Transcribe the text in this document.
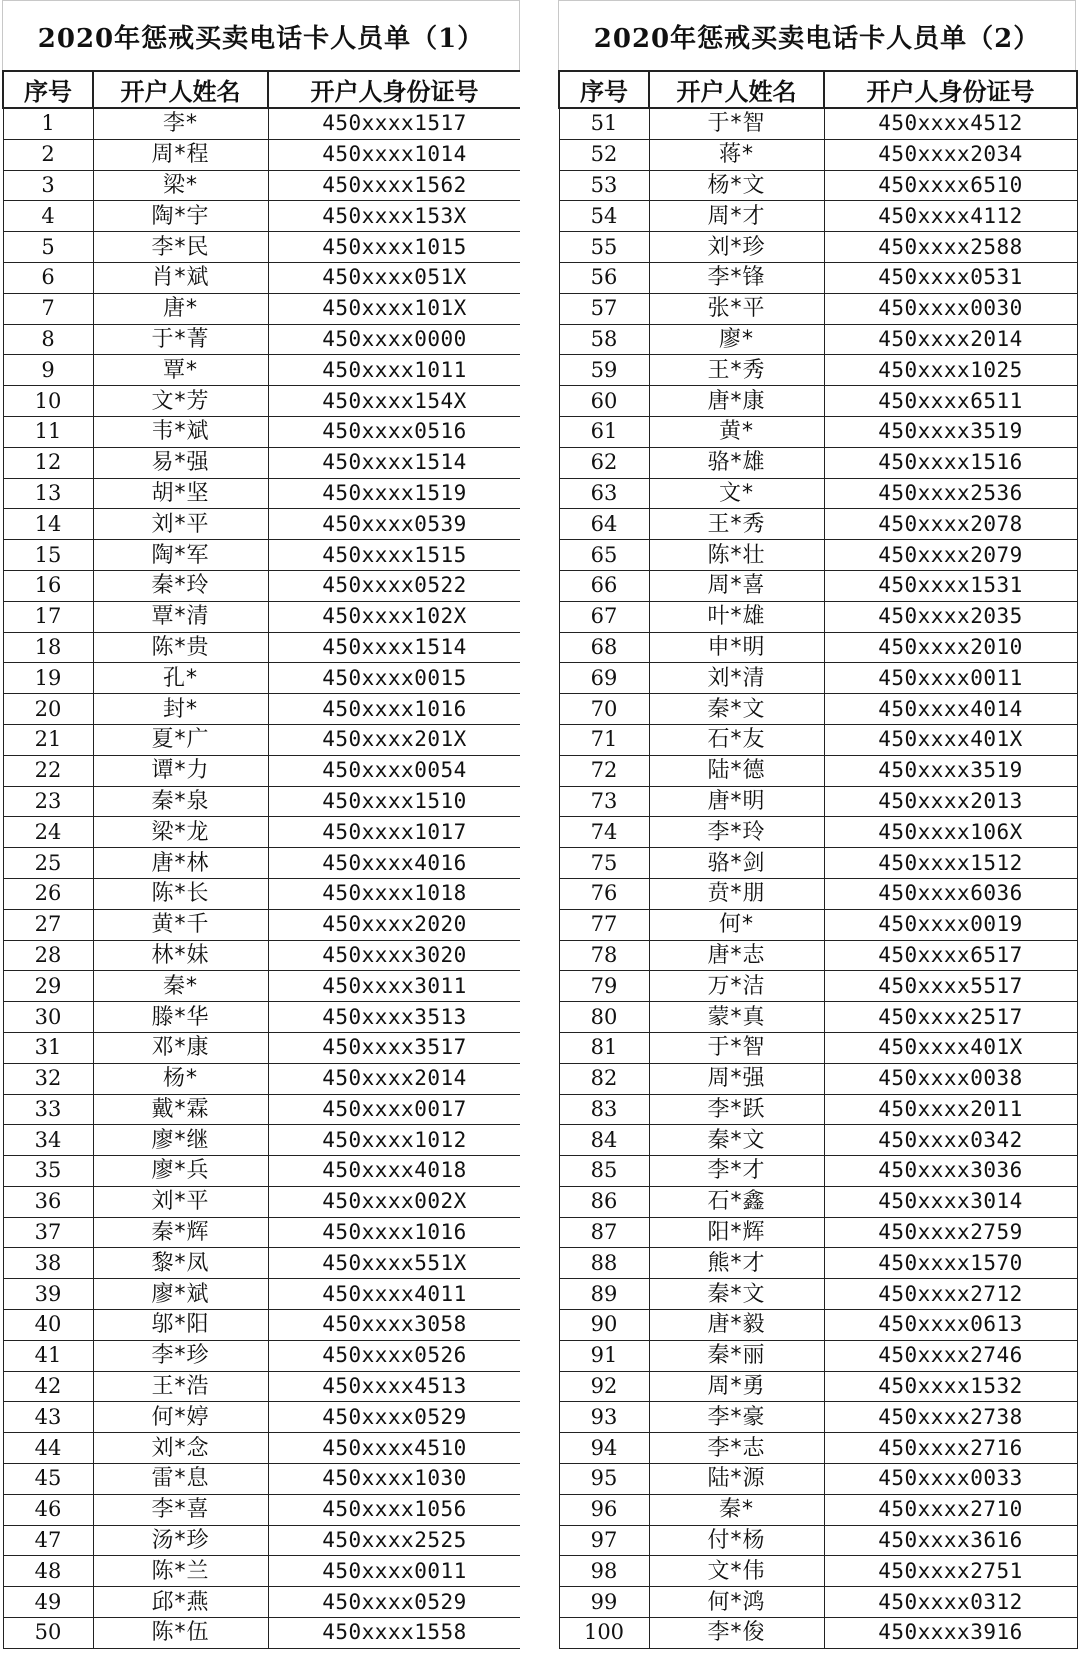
2020年惩戒买卖电话卡人员单（1）
序号	开户人姓名	开户人身份证号
1	李*	450xxxx1517
2	周*程	450xxxx1014
3	梁*	450xxxx1562
4	陶*宇	450xxxx153X
5	李*民	450xxxx1015
6	肖*斌	450xxxx051X
7	唐*	450xxxx101X
8	于*菁	450xxxx0000
9	覃*	450xxxx1011
10	文*芳	450xxxx154X
11	韦*斌	450xxxx0516
12	易*强	450xxxx1514
13	胡*坚	450xxxx1519
14	刘*平	450xxxx0539
15	陶*军	450xxxx1515
16	秦*玲	450xxxx0522
17	覃*清	450xxxx102X
18	陈*贵	450xxxx1514
19	孔*	450xxxx0015
20	封*	450xxxx1016
21	夏*广	450xxxx201X
22	谭*力	450xxxx0054
23	秦*泉	450xxxx1510
24	梁*龙	450xxxx1017
25	唐*林	450xxxx4016
26	陈*长	450xxxx1018
27	黄*千	450xxxx2020
28	林*妹	450xxxx3020
29	秦*	450xxxx3011
30	滕*华	450xxxx3513
31	邓*康	450xxxx3517
32	杨*	450xxxx2014
33	戴*霖	450xxxx0017
34	廖*继	450xxxx1012
35	廖*兵	450xxxx4018
36	刘*平	450xxxx002X
37	秦*辉	450xxxx1016
38	黎*凤	450xxxx551X
39	廖*斌	450xxxx4011
40	邬*阳	450xxxx3058
41	李*珍	450xxxx0526
42	王*浩	450xxxx4513
43	何*婷	450xxxx0529
44	刘*念	450xxxx4510
45	雷*息	450xxxx1030
46	李*喜	450xxxx1056
47	汤*珍	450xxxx2525
48	陈*兰	450xxxx0011
49	邱*燕	450xxxx0529
50	陈*伍	450xxxx1558
2020年惩戒买卖电话卡人员单（2）
序号	开户人姓名	开户人身份证号
51	于*智	450xxxx4512
52	蒋*	450xxxx2034
53	杨*文	450xxxx6510
54	周*才	450xxxx4112
55	刘*珍	450xxxx2588
56	李*锋	450xxxx0531
57	张*平	450xxxx0030
58	廖*	450xxxx2014
59	王*秀	450xxxx1025
60	唐*康	450xxxx6511
61	黄*	450xxxx3519
62	骆*雄	450xxxx1516
63	文*	450xxxx2536
64	王*秀	450xxxx2078
65	陈*壮	450xxxx2079
66	周*喜	450xxxx1531
67	叶*雄	450xxxx2035
68	申*明	450xxxx2010
69	刘*清	450xxxx0011
70	秦*文	450xxxx4014
71	石*友	450xxxx401X
72	陆*德	450xxxx3519
73	唐*明	450xxxx2013
74	李*玲	450xxxx106X
75	骆*剑	450xxxx1512
76	贲*朋	450xxxx6036
77	何*	450xxxx0019
78	唐*志	450xxxx6517
79	万*洁	450xxxx5517
80	蒙*真	450xxxx2517
81	于*智	450xxxx401X
82	周*强	450xxxx0038
83	李*跃	450xxxx2011
84	秦*文	450xxxx0342
85	李*才	450xxxx3036
86	石*鑫	450xxxx3014
87	阳*辉	450xxxx2759
88	熊*才	450xxxx1570
89	秦*文	450xxxx2712
90	唐*毅	450xxxx0613
91	秦*丽	450xxxx2746
92	周*勇	450xxxx1532
93	李*豪	450xxxx2738
94	李*志	450xxxx2716
95	陆*源	450xxxx0033
96	秦*	450xxxx2710
97	付*杨	450xxxx3616
98	文*伟	450xxxx2751
99	何*鸿	450xxxx0312
100	李*俊	450xxxx3916
